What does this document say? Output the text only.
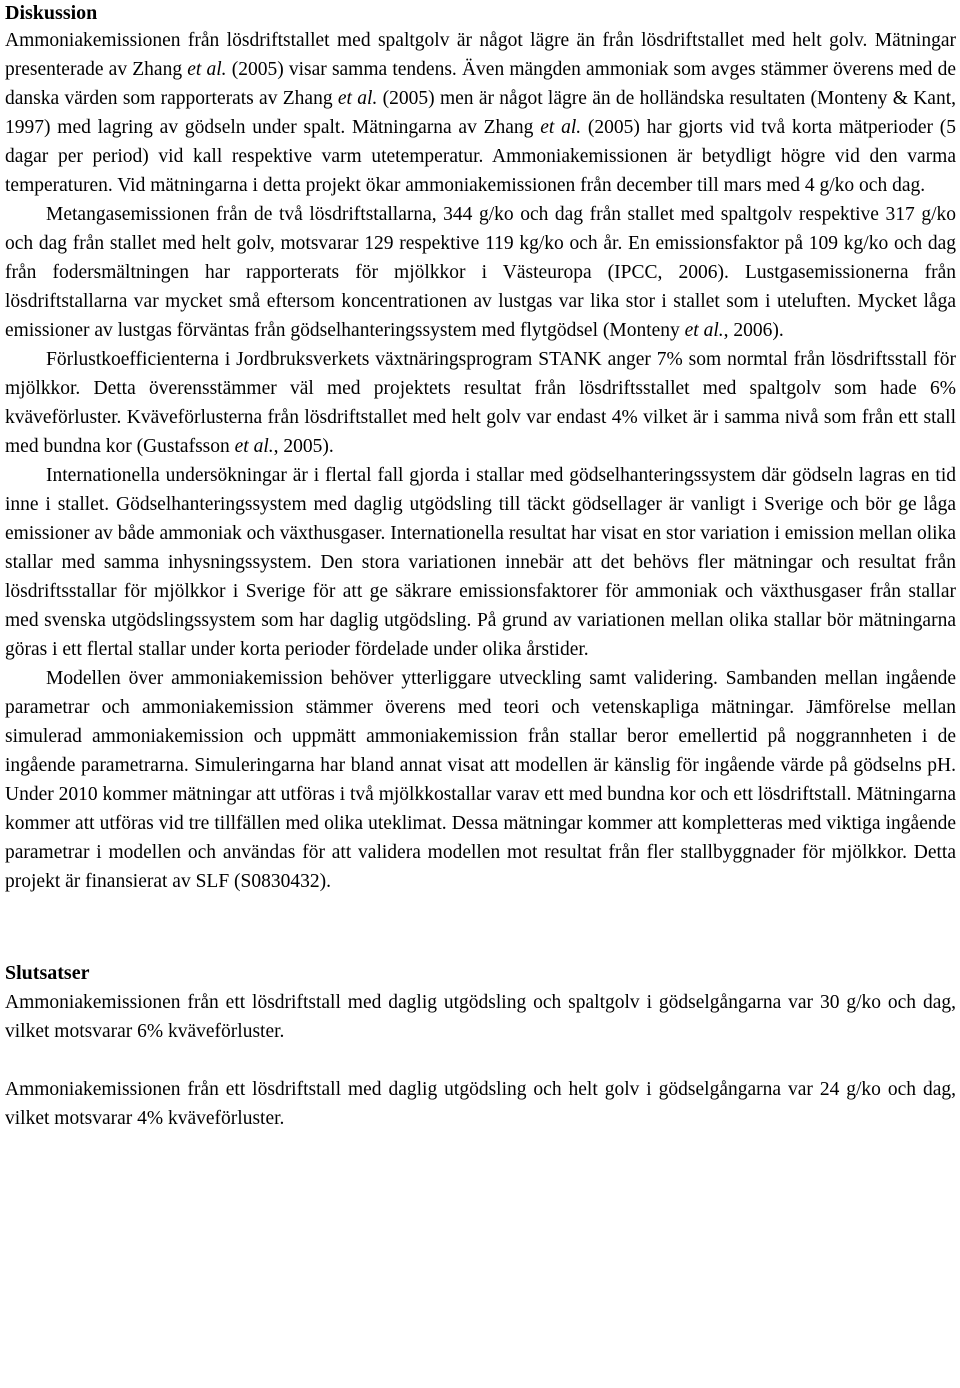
Diskussion

Ammoniakemissionen från lösdriftstallet med spaltgolv är något lägre än från lösdriftstallet med helt golv. Mätningar presenterade av Zhang et al. (2005) visar samma tendens. Även mängden ammoniak som avges stämmer överens med de danska värden som rapporterats av Zhang et al. (2005) men är något lägre än de holländska resultaten (Monteny & Kant, 1997) med lagring av gödseln under spalt. Mätningarna av Zhang et al. (2005) har gjorts vid två korta mätperioder (5 dagar per period) vid kall respektive varm utetemperatur. Ammoniakemissionen är betydligt högre vid den varma temperaturen. Vid mätningarna i detta projekt ökar ammoniakemissionen från december till mars med 4 g/ko och dag.

Metangasemissionen från de två lösdriftstallarna, 344 g/ko och dag från stallet med spaltgolv respektive 317 g/ko och dag från stallet med helt golv, motsvarar 129 respektive 119 kg/ko och år. En emissionsfaktor på 109 kg/ko och dag från fodersmältningen har rapporterats för mjölkkor i Västeuropa (IPCC, 2006). Lustgasemissionerna från lösdriftstallarna var mycket små eftersom koncentrationen av lustgas var lika stor i stallet som i uteluften. Mycket låga emissioner av lustgas förväntas från gödselhanteringssystem med flytgödsel (Monteny et al., 2006).

Förlustkoefficienterna i Jordbruksverkets växtnäringsprogram STANK anger 7% som normtal från lösdriftsstall för mjölkkor. Detta överensstämmer väl med projektets resultat från lösdriftsstallet med spaltgolv som hade 6% kväveförluster. Kväveförlusterna från lösdriftstallet med helt golv var endast 4% vilket är i samma nivå som från ett stall med bundna kor (Gustafsson et al., 2005).

Internationella undersökningar är i flertal fall gjorda i stallar med gödselhanteringssystem där gödseln lagras en tid inne i stallet. Gödselhanteringssystem med daglig utgödsling till täckt gödsellager är vanligt i Sverige och bör ge låga emissioner av både ammoniak och växthusgaser. Internationella resultat har visat en stor variation i emission mellan olika stallar med samma inhysningssystem. Den stora variationen innebär att det behövs fler mätningar och resultat från lösdriftsstallar för mjölkkor i Sverige för att ge säkrare emissionsfaktorer för ammoniak och växthusgaser från stallar med svenska utgödslingssystem som har daglig utgödsling. På grund av variationen mellan olika stallar bör mätningarna göras i ett flertal stallar under korta perioder fördelade under olika årstider.

Modellen över ammoniakemission behöver ytterliggare utveckling samt validering. Sambanden mellan ingående parametrar och ammoniakemission stämmer överens med teori och vetenskapliga mätningar. Jämförelse mellan simulerad ammoniakemission och uppmätt ammoniakemission från stallar beror emellertid på noggrannheten i de ingående parametrarna. Simuleringarna har bland annat visat att modellen är känslig för ingående värde på gödselns pH. Under 2010 kommer mätningar att utföras i två mjölkkostallar varav ett med bundna kor och ett lösdriftstall. Mätningarna kommer att utföras vid tre tillfällen med olika uteklimat. Dessa mätningar kommer att kompletteras med viktiga ingående parametrar i modellen och användas för att validera modellen mot resultat från fler stallbyggnader för mjölkkor. Detta projekt är finansierat av SLF (S0830432).

Slutsatser

Ammoniakemissionen från ett lösdriftstall med daglig utgödsling och spaltgolv i gödselgångarna var 30 g/ko och dag, vilket motsvarar 6% kväveförluster.

Ammoniakemissionen från ett lösdriftstall med daglig utgödsling och helt golv i gödselgångarna var 24 g/ko och dag, vilket motsvarar 4% kväveförluster.
